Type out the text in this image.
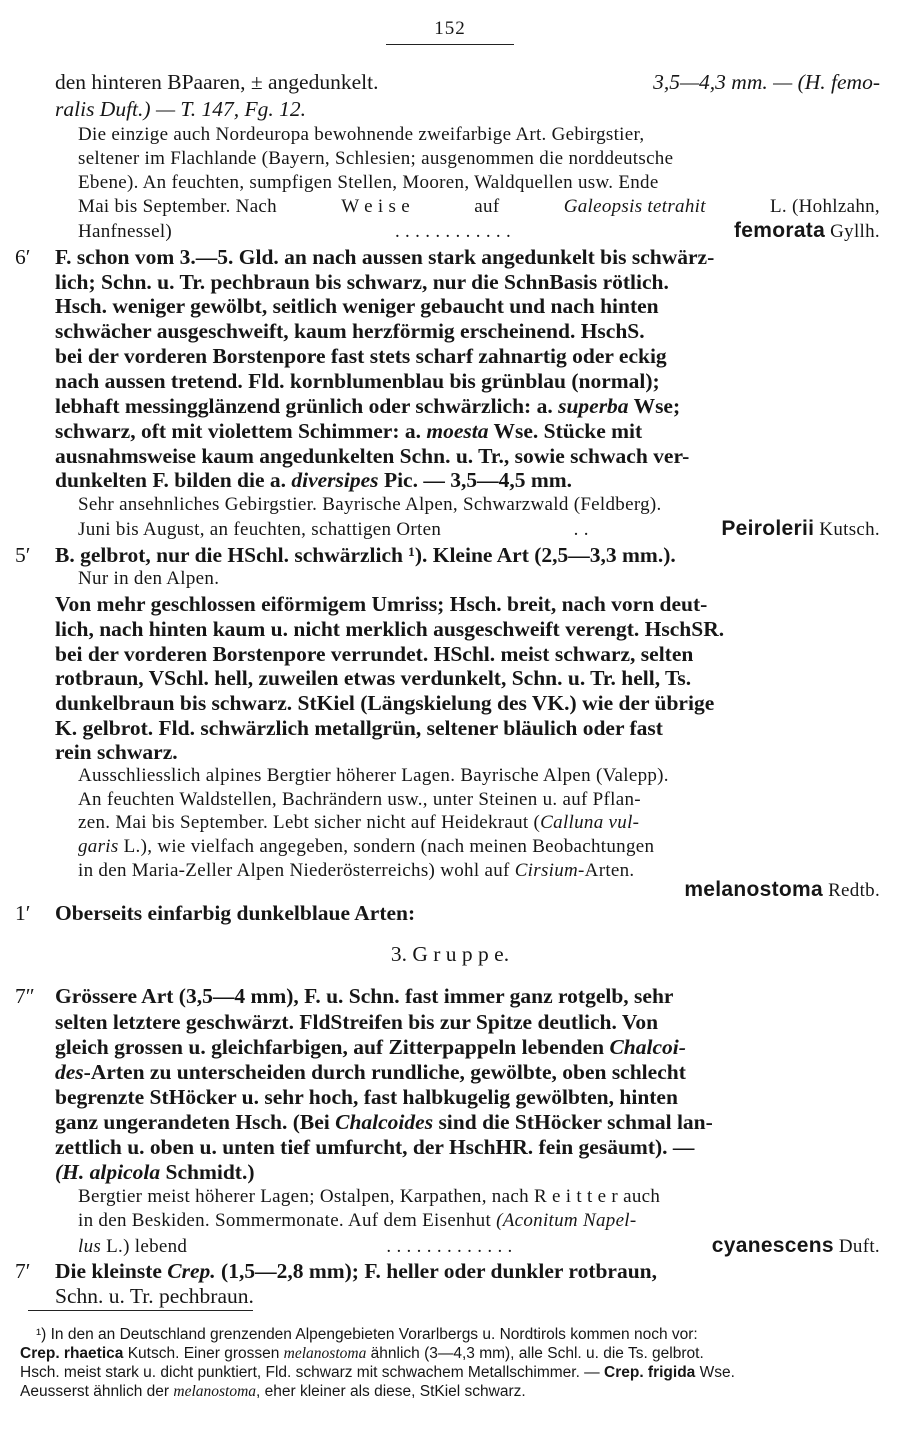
152
den hinteren BPaaren, ± angedunkelt.	3,5—4,3 mm. — (H. femo-
ralis Duft.) — T. 147, Fg. 12.
Die einzige auch Nordeuropa bewohnende zweifarbige Art. Gebirgstier,
seltener im Flachlande (Bayern, Schlesien; ausgenommen die norddeutsche
Ebene). An feuchten, sumpfigen Stellen, Mooren, Waldquellen usw. Ende
Mai bis September. Nach	W e i s e	auf	Galeopsis tetrahit	L. (Hohlzahn,
Hanfnessel)	. . . . . . . . . . . .	femorata Gyllh.
6′ F. schon vom 3.—5. Gld. an nach aussen stark angedunkelt bis schwärz-
lich; Schn. u. Tr. pechbraun bis schwarz, nur die SchnBasis rötlich.
Hsch. weniger gewölbt, seitlich weniger gebaucht und nach hinten
schwächer ausgeschweift, kaum herzförmig erscheinend. HschS.
bei der vorderen Borstenpore fast stets scharf zahnartig oder eckig
nach aussen tretend. Fld. kornblumenblau bis grünblau (normal);
lebhaft messingglänzend grünlich oder schwärzlich: a. superba Wse;
schwarz, oft mit violettem Schimmer: a. moesta Wse. Stücke mit
ausnahmsweise kaum angedunkelten Schn. u. Tr., sowie schwach ver-
dunkelten F. bilden die a. diversipes Pic. — 3,5—4,5 mm.
Sehr ansehnliches Gebirgstier. Bayrische Alpen, Schwarzwald (Feldberg).
Juni bis August, an feuchten, schattigen Orten	. .	Peirolerii Kutsch.
5′ B. gelbrot, nur die HSchl. schwärzlich ¹). Kleine Art (2,5—3,3 mm.).
Nur in den Alpen.
Von mehr geschlossen eiförmigem Umriss; Hsch. breit, nach vorn deut-
lich, nach hinten kaum u. nicht merklich ausgeschweift verengt. HschSR.
bei der vorderen Borstenpore verrundet. HSchl. meist schwarz, selten
rotbraun, VSchl. hell, zuweilen etwas verdunkelt, Schn. u. Tr. hell, Ts.
dunkelbraun bis schwarz. StKiel (Längskielung des VK.) wie der übrige
K. gelbrot. Fld. schwärzlich metallgrün, seltener bläulich oder fast
rein schwarz.
Ausschliesslich alpines Bergtier höherer Lagen. Bayrische Alpen (Valepp).
An feuchten Waldstellen, Bachrändern usw., unter Steinen u. auf Pflan-
zen. Mai bis September. Lebt sicher nicht auf Heidekraut (Calluna vul-
garis L.), wie vielfach angegeben, sondern (nach meinen Beobachtungen
in den Maria-Zeller Alpen Niederösterreichs) wohl auf Cirsium-Arten.
melanostoma Redtb.
1′ Oberseits einfarbig dunkelblaue Arten:
3. G r u p p e.
7″ Grössere Art (3,5—4 mm), F. u. Schn. fast immer ganz rotgelb, sehr
selten letztere geschwärzt. FldStreifen bis zur Spitze deutlich. Von
gleich grossen u. gleichfarbigen, auf Zitterpappeln lebenden Chalcoi-
des-Arten zu unterscheiden durch rundliche, gewölbte, oben schlecht
begrenzte StHöcker u. sehr hoch, fast halbkugelig gewölbten, hinten
ganz ungerandeten Hsch. (Bei Chalcoides sind die StHöcker schmal lan-
zettlich u. oben u. unten tief umfurcht, der HschHR. fein gesäumt). —
(H. alpicola Schmidt.)
Bergtier meist höherer Lagen; Ostalpen, Karpathen, nach R e i t t e r auch
in den Beskiden. Sommermonate. Auf dem Eisenhut (Aconitum Napel-
lus L.) lebend	. . . . . . . . . . . . .	cyanescens Duft.
7′ Die kleinste Crep. (1,5—2,8 mm); F. heller oder dunkler rotbraun,
Schn. u. Tr. pechbraun.
¹) In den an Deutschland grenzenden Alpengebieten Vorarlbergs u. Nordtirols kommen noch vor:
Crep. rhaetica Kutsch. Einer grossen melanostoma ähnlich (3—4,3 mm), alle Schl. u. die Ts. gelbrot.
Hsch. meist stark u. dicht punktiert, Fld. schwarz mit schwachem Metallschimmer. — Crep. frigida Wse.
Aeusserst ähnlich der melanostoma, eher kleiner als diese, StKiel schwarz.
